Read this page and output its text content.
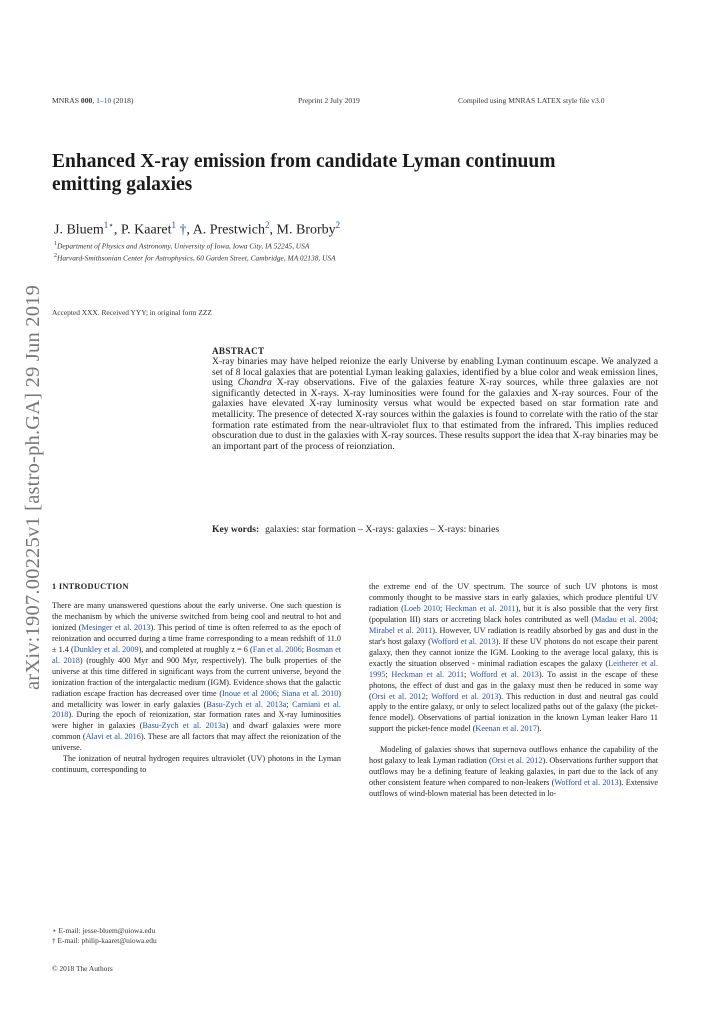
MNRAS 000, 1–10 (2018)	Preprint 2 July 2019	Compiled using MNRAS LATEX style file v3.0
Enhanced X-ray emission from candidate Lyman continuum emitting galaxies
J. Bluem$^{1⋆}$, P. Kaaret$^1$ †, A. Prestwich$^2$, M. Brorby$^2$
$^1$Department of Physics and Astronomy, University of Iowa, Iowa City, IA 52245, USA
$^2$Harvard-Smithsonian Center for Astrophysics, 60 Garden Street, Cambridge, MA 02138, USA
arXiv:1907.00225v1 [astro-ph.GA] 29 Jun 2019	Accepted XXX. Received YYY; in original form ZZZ
ABSTRACT
X-ray binaries may have helped reionize the early Universe by enabling Lyman continuum escape. We analyzed a set of 8 local galaxies that are potential Lyman leaking galaxies, identified by a blue color and weak emission lines, using Chandra X-ray observations. Five of the galaxies feature X-ray sources, while three galaxies are not significantly detected in X-rays. X-ray luminosities were found for the galaxies and X-ray sources. Four of the galaxies have elevated X-ray luminosity versus what would be expected based on star formation rate and metallicity. The presence of detected X-ray sources within the galaxies is found to correlate with the ratio of the star formation rate estimated from the near-ultraviolet flux to that estimated from the infrared. This implies reduced obscuration due to dust in the galaxies with X-ray sources. These results support the idea that X-ray binaries may be an important part of the process of reionziation.
Key words: galaxies: star formation – X-rays: galaxies – X-rays: binaries

1 INTRODUCTION

There are many unanswered questions about the early universe. One such question is the mechanism by which the universe switched from being cool and neutral to hot and ionized (Mesinger et al. 2013). This period of time is often referred to as the epoch of reionization and occurred during a time frame corresponding to a mean redshift of 11.0 ± 1.4 (Dunkley et al. 2009), and completed at roughly z = 6 (Fan et al. 2006; Bosman et al. 2018) (roughly 400 Myr and 900 Myr, respectively). The bulk properties of the universe at this time differed in significant ways from the current universe, beyond the ionization fraction of the intergalactic medium (IGM). Evidence shows that the galactic radiation escape fraction has decreased over time (Inoue et al 2006; Siana et al. 2010) and metallicity was lower in early galaxies (Basu-Zych et al. 2013a; Carniani et al. 2018). During the epoch of reionization, star formation rates and X-ray luminosities were higher in galaxies (Basu-Zych et al. 2013a) and dwarf galaxies were more common (Alavi et al. 2016). These are all factors that may affect the reionization of the universe.

The ionization of neutral hydrogen requires ultraviolet (UV) photons in the Lyman continuum, corresponding to

the extreme end of the UV spectrum. The source of such UV photons is most commonly thought to be massive stars in early galaxies, which produce plentiful UV radiation (Loeb 2010; Heckman et al. 2011), but it is also possible that the very first (population III) stars or accreting black holes contributed as well (Madau et al. 2004; Mirabel et al. 2011). However, UV radiation is readily absorbed by gas and dust in the star's host galaxy (Wofford et al. 2013). If these UV photons do not escape their parent galaxy, then they cannot ionize the IGM. Looking to the average local galaxy, this is exactly the situation observed - minimal radiation escapes the galaxy (Leitherer et al. 1995; Heckman et al. 2011; Wofford et al. 2013). To assist in the escape of these photons, the effect of dust and gas in the galaxy must then be reduced in some way (Orsi et al. 2012; Wofford et al. 2013). This reduction in dust and neutral gas could apply to the entire galaxy, or only to select localized paths out of the galaxy (the picket-fence model). Observations of partial ionization in the known Lyman leaker Haro 11 support the picket-fence model (Keenan et al. 2017).

Modeling of galaxies shows that supernova outflows enhance the capability of the host galaxy to leak Lyman radiation (Orsi et al. 2012). Observations further support that outflows may be a defining feature of leaking galaxies, in part due to the lack of any other consistent feature when compared to non-leakers (Wofford et al. 2013). Extensive outflows of wind-blown material has been detected in lo-

⋆ E-mail: jesse-bluem@uiowa.edu
† E-mail: philip-kaaret@uiowa.edu
© 2018 The Authors
